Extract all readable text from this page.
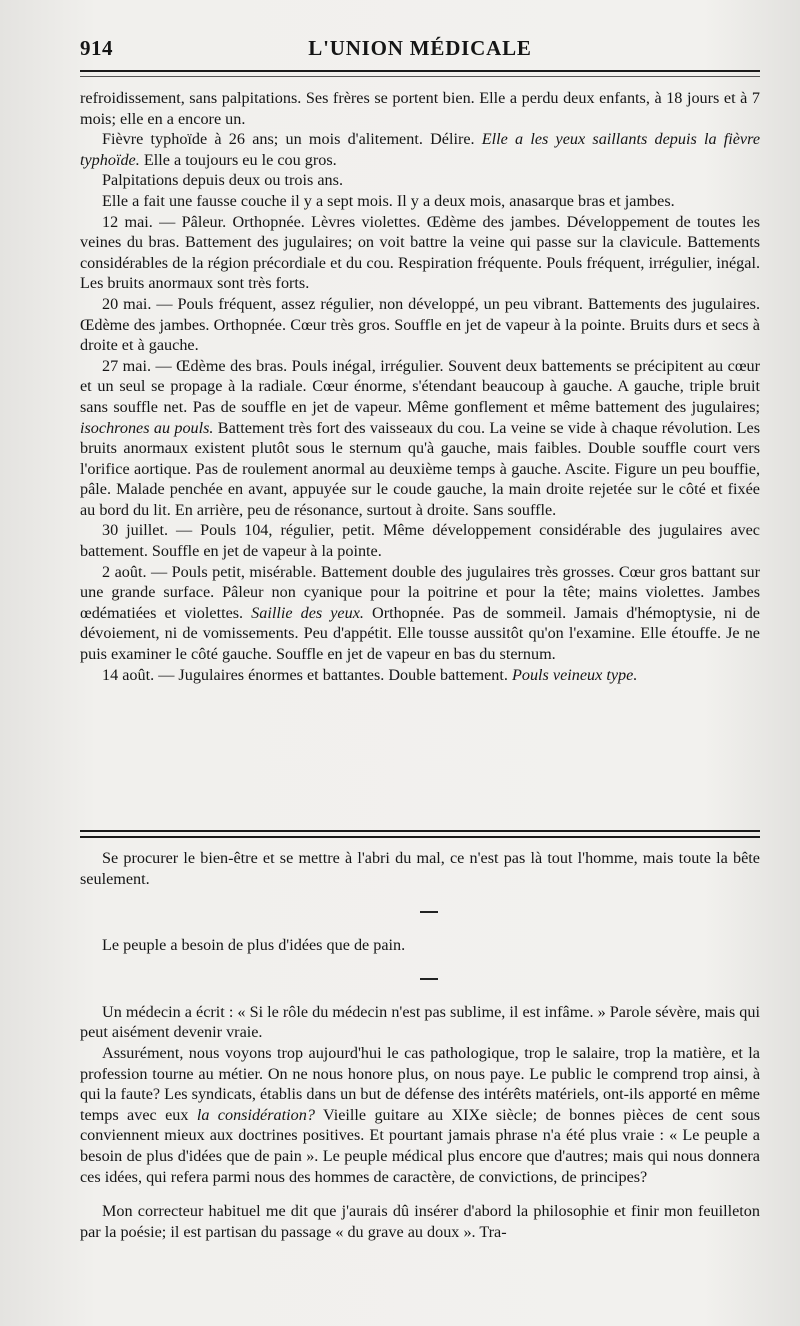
914	L'UNION MÉDICALE

refroidissement, sans palpitations. Ses frères se portent bien. Elle a perdu deux enfants, à 18 jours et à 7 mois; elle en a encore un.

Fièvre typhoïde à 26 ans; un mois d'alitement. Délire. Elle a les yeux saillants depuis la fièvre typhoïde. Elle a toujours eu le cou gros.

Palpitations depuis deux ou trois ans.

Elle a fait une fausse couche il y a sept mois. Il y a deux mois, anasarque bras et jambes.

12 mai. — Pâleur. Orthopnée. Lèvres violettes. Œdème des jambes. Développement de toutes les veines du bras. Battement des jugulaires; on voit battre la veine qui passe sur la clavicule. Battements considérables de la région précordiale et du cou. Respiration fréquente. Pouls fréquent, irrégulier, inégal. Les bruits anormaux sont très forts.

20 mai. — Pouls fréquent, assez régulier, non développé, un peu vibrant. Battements des jugulaires. Œdème des jambes. Orthopnée. Cœur très gros. Souffle en jet de vapeur à la pointe. Bruits durs et secs à droite et à gauche.

27 mai. — Œdème des bras. Pouls inégal, irrégulier. Souvent deux battements se précipitent au cœur et un seul se propage à la radiale. Cœur énorme, s'étendant beaucoup à gauche. A gauche, triple bruit sans souffle net. Pas de souffle en jet de vapeur. Même gonflement et même battement des jugulaires; isochrones au pouls. Battement très fort des vaisseaux du cou. La veine se vide à chaque révolution. Les bruits anormaux existent plutôt sous le sternum qu'à gauche, mais faibles. Double souffle court vers l'orifice aortique. Pas de roulement anormal au deuxième temps à gauche. Ascite. Figure un peu bouffie, pâle. Malade penchée en avant, appuyée sur le coude gauche, la main droite rejetée sur le côté et fixée au bord du lit. En arrière, peu de résonance, surtout à droite. Sans souffle.

30 juillet. — Pouls 104, régulier, petit. Même développement considérable des jugulaires avec battement. Souffle en jet de vapeur à la pointe.

2 août. — Pouls petit, misérable. Battement double des jugulaires très grosses. Cœur gros battant sur une grande surface. Pâleur non cyanique pour la poitrine et pour la tête; mains violettes. Jambes œdématiées et violettes. Saillie des yeux. Orthopnée. Pas de sommeil. Jamais d'hémoptysie, ni de dévoiement, ni de vomissements. Peu d'appétit. Elle tousse aussitôt qu'on l'examine. Elle étouffe. Je ne puis examiner le côté gauche. Souffle en jet de vapeur en bas du sternum.

14 août. — Jugulaires énormes et battantes. Double battement. Pouls veineux type.

Se procurer le bien-être et se mettre à l'abri du mal, ce n'est pas là tout l'homme, mais toute la bête seulement.

Le peuple a besoin de plus d'idées que de pain.

Un médecin a écrit : « Si le rôle du médecin n'est pas sublime, il est infâme. » Parole sévère, mais qui peut aisément devenir vraie.

Assurément, nous voyons trop aujourd'hui le cas pathologique, trop le salaire, trop la matière, et la profession tourne au métier. On ne nous honore plus, on nous paye. Le public le comprend trop ainsi, à qui la faute? Les syndicats, établis dans un but de défense des intérêts matériels, ont-ils apporté en même temps avec eux la considération? Vieille guitare au XIXe siècle; de bonnes pièces de cent sous conviennent mieux aux doctrines positives. Et pourtant jamais phrase n'a été plus vraie : « Le peuple a besoin de plus d'idées que de pain ». Le peuple médical plus encore que d'autres; mais qui nous donnera ces idées, qui refera parmi nous des hommes de caractère, de convictions, de principes?

Mon correcteur habituel me dit que j'aurais dû insérer d'abord la philosophie et finir mon feuilleton par la poésie; il est partisan du passage « du grave au doux ». Tra-
